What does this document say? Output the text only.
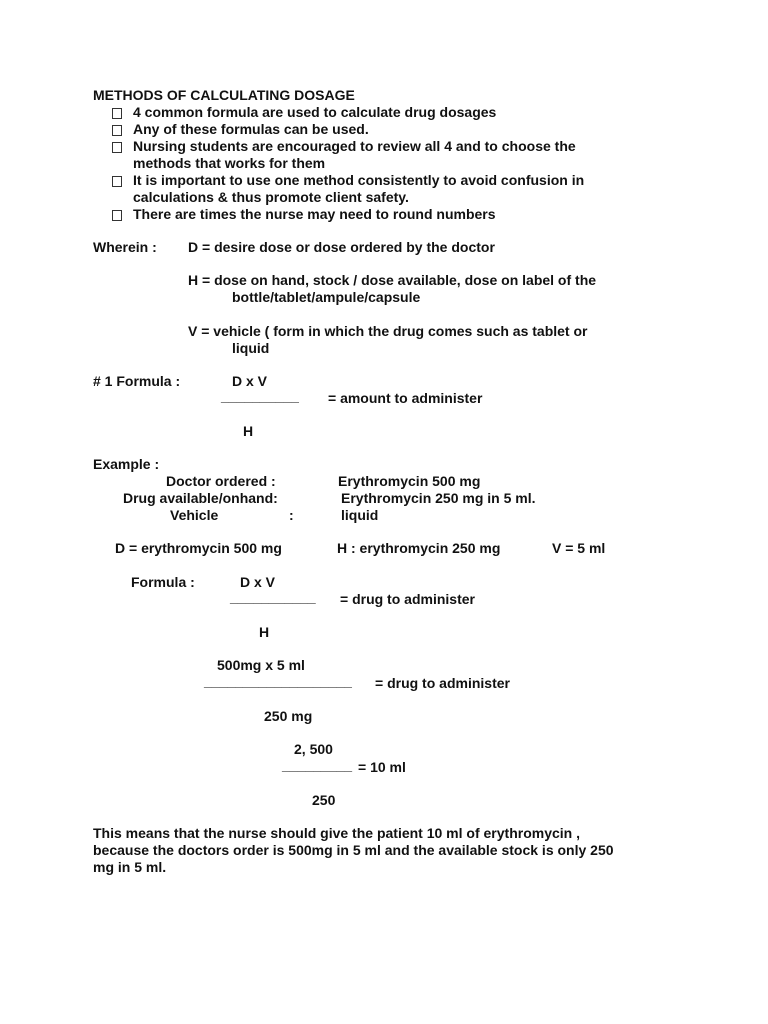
METHODS OF CALCULATING DOSAGE
4 common formula are used to calculate drug dosages
Any of these formulas can be used.
Nursing students are encouraged to review all 4 and to choose the
methods that works for them
It is important to use one method consistently to avoid confusion in
calculations & thus promote client safety.
There are times the nurse may need to round numbers
Wherein : D = desire dose or dose ordered by the doctor
H = dose on hand, stock / dose available, dose on label of the
bottle/tablet/ampule/capsule
V = vehicle ( form in which the drug comes such as tablet or
liquid
# 1 Formula :	D x V
__________ = amount to administer
H
Example :
Doctor ordered :	Erythromycin 500 mg
Drug available/onhand:	Erythromycin 250 mg in 5 ml.
Vehicle	:	liquid
D = erythromycin 500 mg	H : erythromycin 250 mg	V = 5 ml
Formula :	D x V
___________ = drug to administer
H
500mg x 5 ml
___________________ = drug to administer
250 mg
2, 500
_________ = 10 ml
250
This means that the nurse should give the patient 10 ml of erythromycin ,
because the doctors order is 500mg in 5 ml and the available stock is only 250
mg in 5 ml.
